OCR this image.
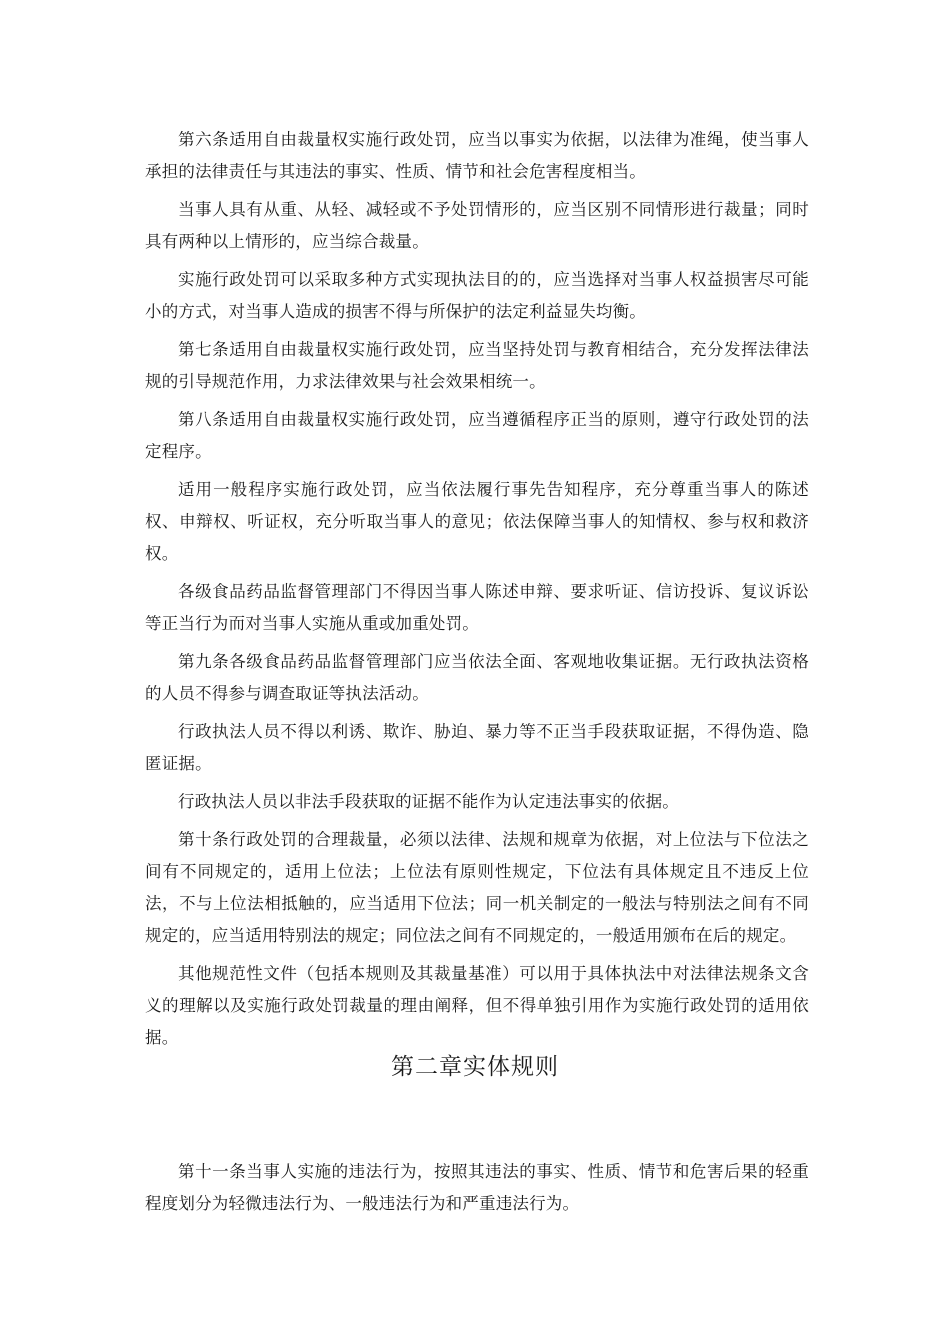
第六条适用自由裁量权实施行政处罚，应当以事实为依据，以法律为准绳，使当事人承担的法律责任与其违法的事实、性质、情节和社会危害程度相当。

当事人具有从重、从轻、减轻或不予处罚情形的，应当区别不同情形进行裁量；同时具有两种以上情形的，应当综合裁量。

实施行政处罚可以采取多种方式实现执法目的的，应当选择对当事人权益损害尽可能小的方式，对当事人造成的损害不得与所保护的法定利益显失均衡。

第七条适用自由裁量权实施行政处罚，应当坚持处罚与教育相结合，充分发挥法律法规的引导规范作用，力求法律效果与社会效果相统一。

第八条适用自由裁量权实施行政处罚，应当遵循程序正当的原则，遵守行政处罚的法定程序。

适用一般程序实施行政处罚，应当依法履行事先告知程序，充分尊重当事人的陈述权、申辩权、听证权，充分听取当事人的意见；依法保障当事人的知情权、参与权和救济权。

各级食品药品监督管理部门不得因当事人陈述申辩、要求听证、信访投诉、复议诉讼等正当行为而对当事人实施从重或加重处罚。

第九条各级食品药品监督管理部门应当依法全面、客观地收集证据。无行政执法资格的人员不得参与调查取证等执法活动。

行政执法人员不得以利诱、欺诈、胁迫、暴力等不正当手段获取证据，不得伪造、隐匿证据。

行政执法人员以非法手段获取的证据不能作为认定违法事实的依据。

第十条行政处罚的合理裁量，必须以法律、法规和规章为依据，对上位法与下位法之间有不同规定的，适用上位法；上位法有原则性规定，下位法有具体规定且不违反上位法，不与上位法相抵触的，应当适用下位法；同一机关制定的一般法与特别法之间有不同规定的，应当适用特别法的规定；同位法之间有不同规定的，一般适用颁布在后的规定。

其他规范性文件（包括本规则及其裁量基准）可以用于具体执法中对法律法规条文含义的理解以及实施行政处罚裁量的理由阐释，但不得单独引用作为实施行政处罚的适用依据。

第二章实体规则

第十一条当事人实施的违法行为，按照其违法的事实、性质、情节和危害后果的轻重程度划分为轻微违法行为、一般违法行为和严重违法行为。
